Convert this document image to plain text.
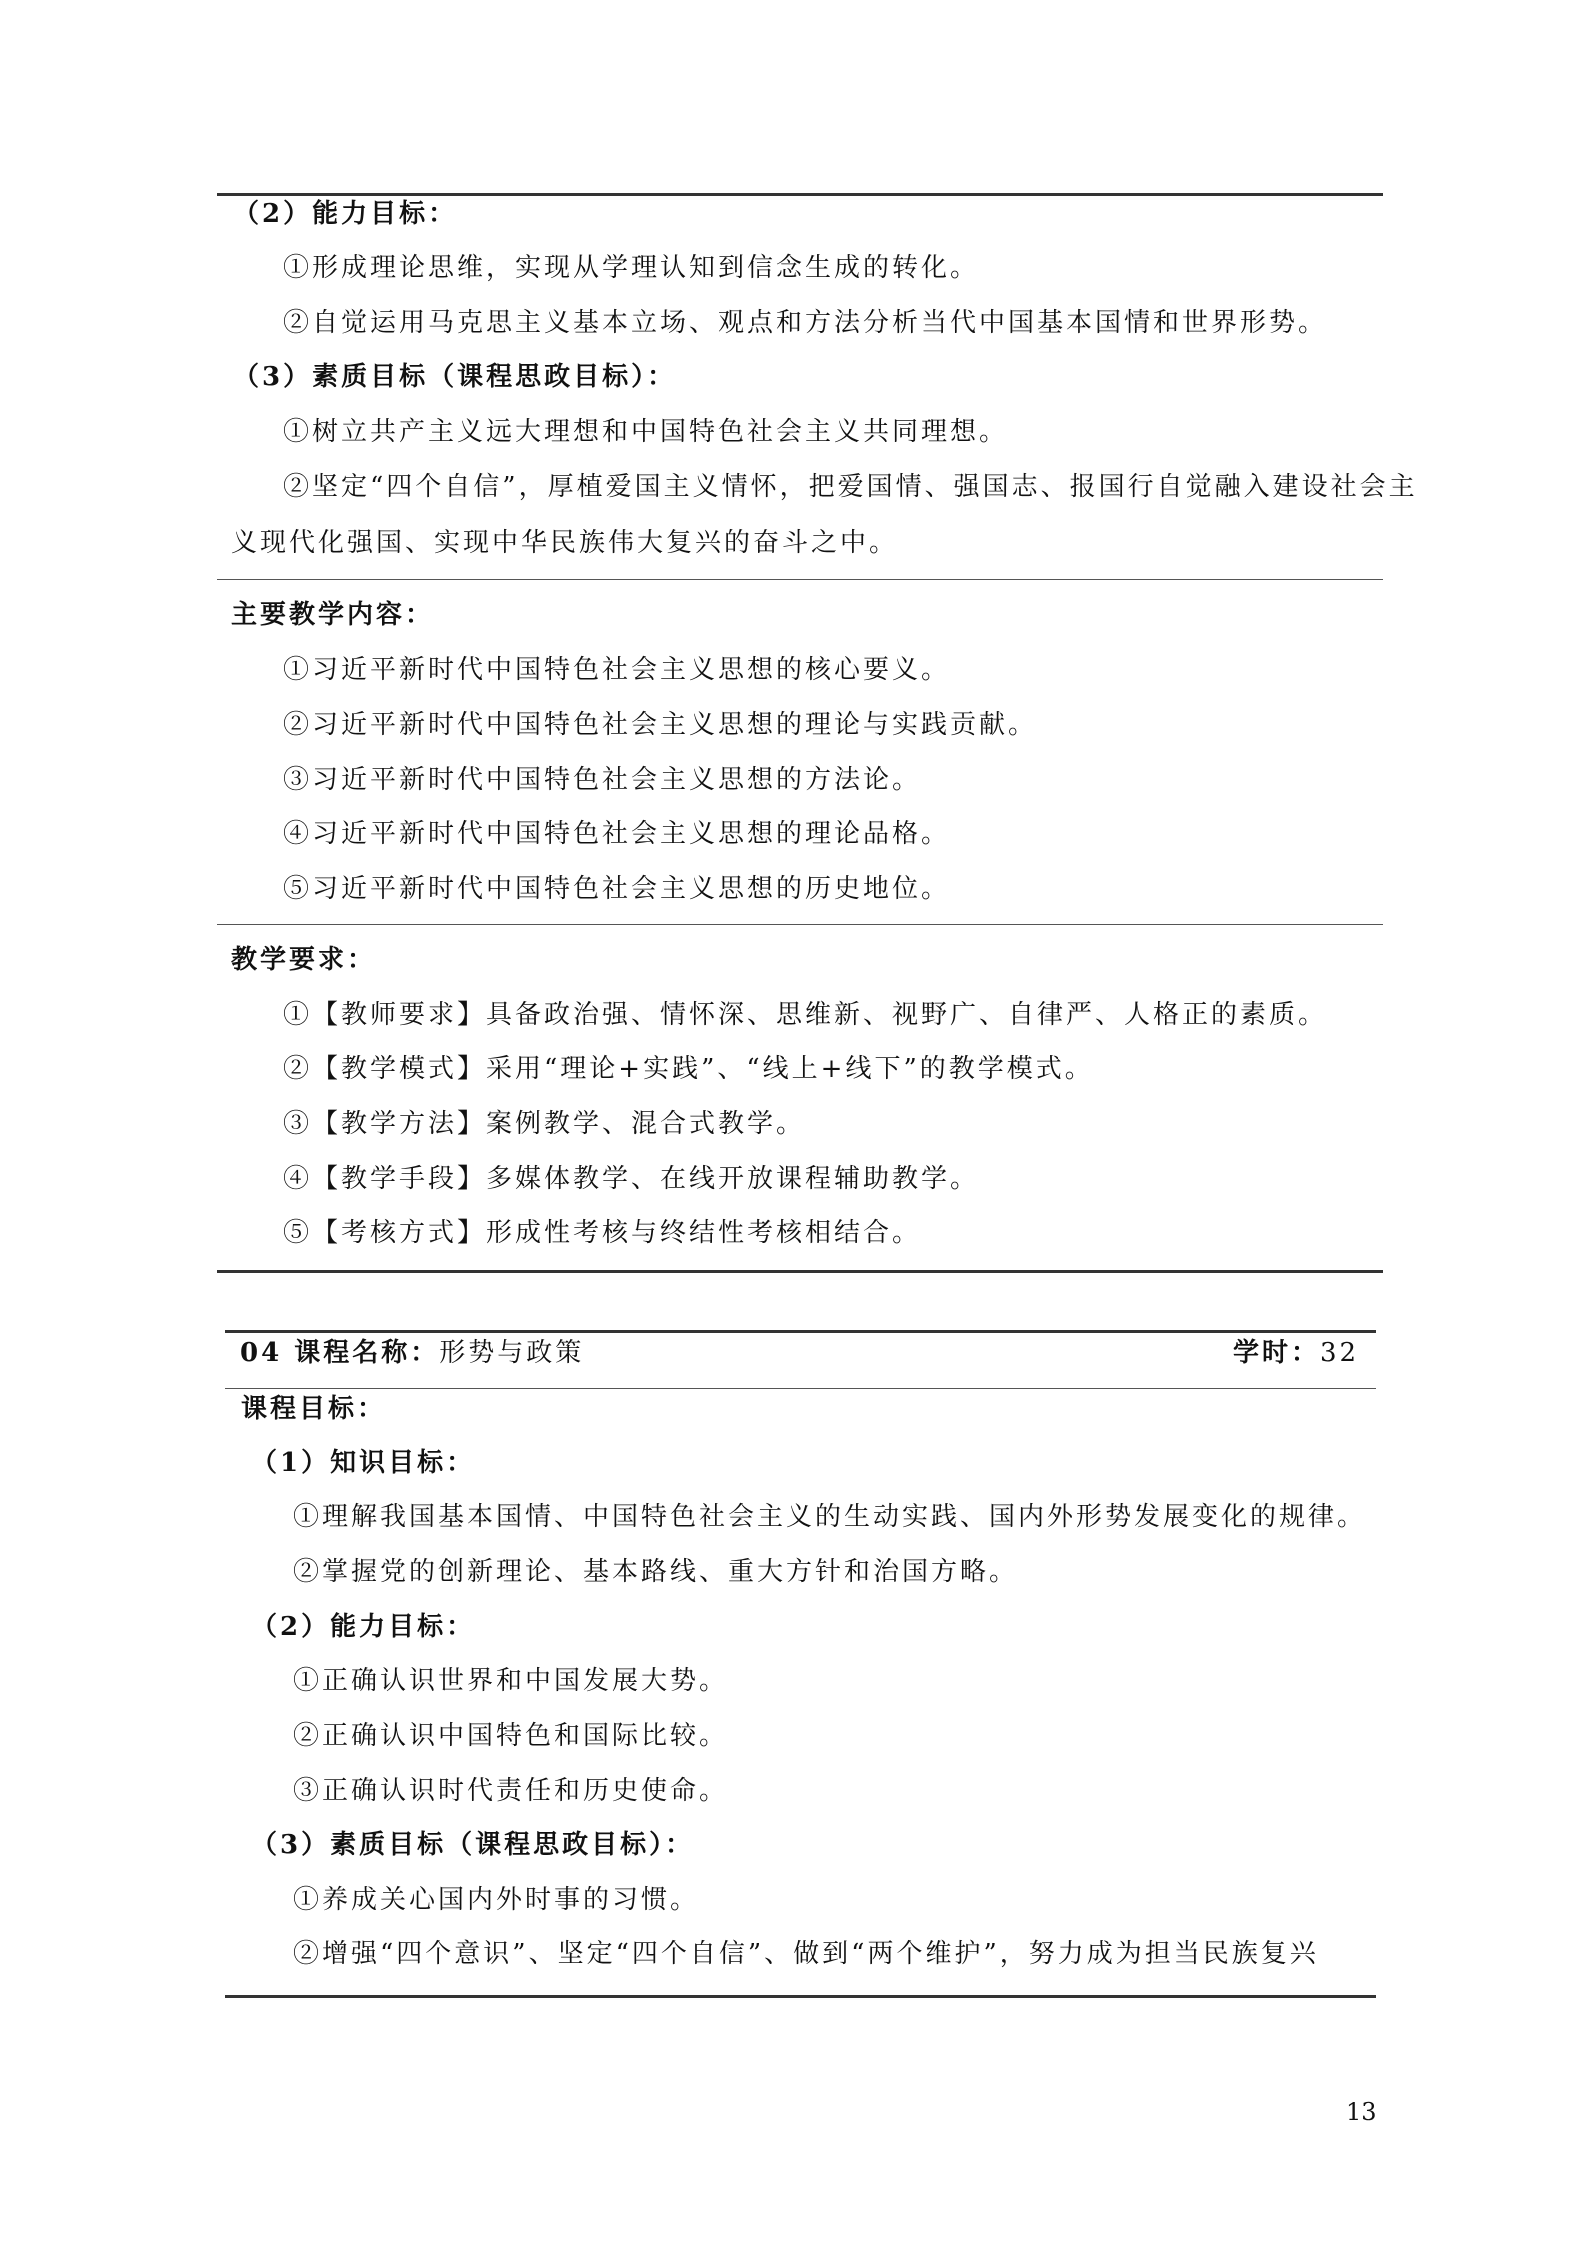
（2）能力目标：
①形成理论思维，实现从学理认知到信念生成的转化。
②自觉运用马克思主义基本立场、观点和方法分析当代中国基本国情和世界形势。
（3）素质目标（课程思政目标）：
①树立共产主义远大理想和中国特色社会主义共同理想。
②坚定“四个自信”，厚植爱国主义情怀，把爱国情、强国志、报国行自觉融入建设社会主
义现代化强国、实现中华民族伟大复兴的奋斗之中。
主要教学内容：
①习近平新时代中国特色社会主义思想的核心要义。
②习近平新时代中国特色社会主义思想的理论与实践贡献。
③习近平新时代中国特色社会主义思想的方法论。
④习近平新时代中国特色社会主义思想的理论品格。
⑤习近平新时代中国特色社会主义思想的历史地位。
教学要求：
①【教师要求】具备政治强、情怀深、思维新、视野广、自律严、人格正的素质。
②【教学模式】采用“理论+实践”、“线上+线下”的教学模式。
③【教学方法】案例教学、混合式教学。
④【教学手段】多媒体教学、在线开放课程辅助教学。
⑤【考核方式】形成性考核与终结性考核相结合。
04 课程名称：形势与政策	学时：32
课程目标：
（1）知识目标：
①理解我国基本国情、中国特色社会主义的生动实践、国内外形势发展变化的规律。
②掌握党的创新理论、基本路线、重大方针和治国方略。
（2）能力目标：
①正确认识世界和中国发展大势。
②正确认识中国特色和国际比较。
③正确认识时代责任和历史使命。
（3）素质目标（课程思政目标）：
①养成关心国内外时事的习惯。
②增强“四个意识”、坚定“四个自信”、做到“两个维护”，努力成为担当民族复兴
13
